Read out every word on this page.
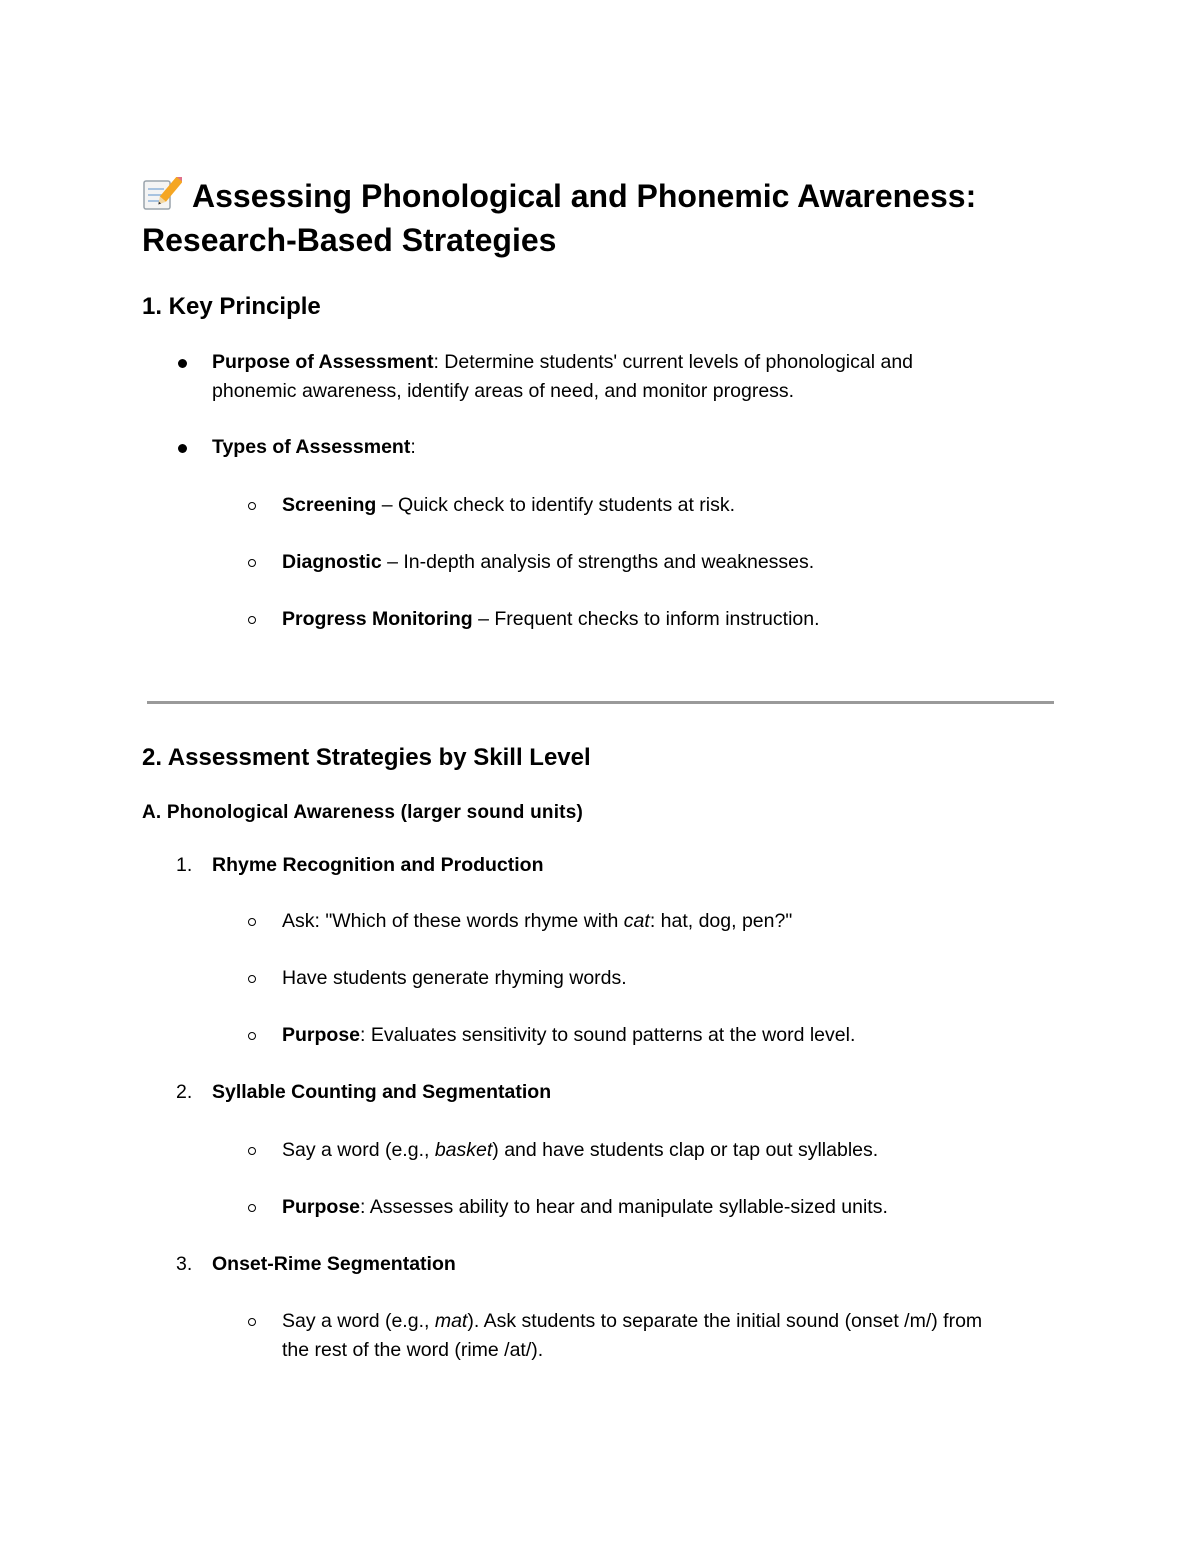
Assessing Phonological and Phonemic Awareness:
Research-Based Strategies
1. Key Principle
Purpose of Assessment: Determine students' current levels of phonological and
phonemic awareness, identify areas of need, and monitor progress.
Types of Assessment:
Screening – Quick check to identify students at risk.
Diagnostic – In-depth analysis of strengths and weaknesses.
Progress Monitoring – Frequent checks to inform instruction.
2. Assessment Strategies by Skill Level
A. Phonological Awareness (larger sound units)
1. Rhyme Recognition and Production
Ask: "Which of these words rhyme with cat: hat, dog, pen?"
Have students generate rhyming words.
Purpose: Evaluates sensitivity to sound patterns at the word level.
2. Syllable Counting and Segmentation
Say a word (e.g., basket) and have students clap or tap out syllables.
Purpose: Assesses ability to hear and manipulate syllable-sized units.
3. Onset-Rime Segmentation
Say a word (e.g., mat). Ask students to separate the initial sound (onset /m/) from
the rest of the word (rime /at/).
